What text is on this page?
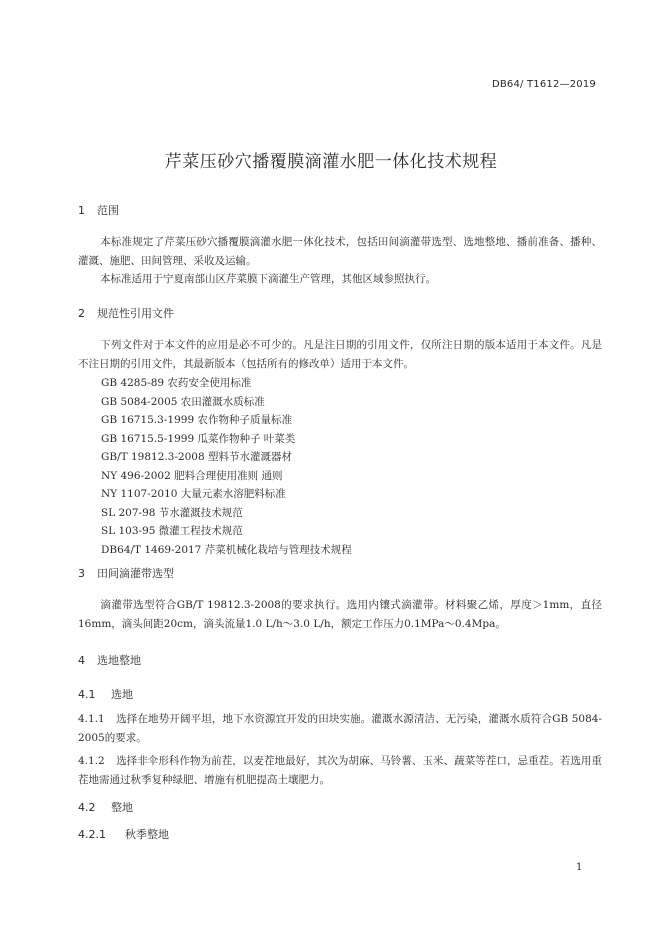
DB64/ T1612—2019
芹菜压砂穴播覆膜滴灌水肥一体化技术规程
1 范围
本标准规定了芹菜压砂穴播覆膜滴灌水肥一体化技术，包括田间滴灌带选型、选地整地、播前准备、播种、灌溉、施肥、田间管理、采收及运输。
本标准适用于宁夏南部山区芹菜膜下滴灌生产管理，其他区域参照执行。
2 规范性引用文件
下列文件对于本文件的应用是必不可少的。凡是注日期的引用文件，仅所注日期的版本适用于本文件。凡是不注日期的引用文件，其最新版本（包括所有的修改单）适用于本文件。
GB 4285-89 农药安全使用标准
GB 5084-2005 农田灌溉水质标准
GB 16715.3-1999 农作物种子质量标准
GB 16715.5-1999 瓜菜作物种子 叶菜类
GB/T 19812.3-2008 塑料节水灌溉器材
NY 496-2002 肥料合理使用准则 通则
NY 1107-2010 大量元素水溶肥料标准
SL 207-98 节水灌溉技术规范
SL 103-95 微灌工程技术规范
DB64/T 1469-2017 芹菜机械化栽培与管理技术规程
3 田间滴灌带选型
滴灌带选型符合GB/T 19812.3-2008的要求执行。选用内镶式滴灌带。材料聚乙烯，厚度＞1mm，直径16mm，滴头间距20cm，滴头流量1.0 L/h～3.0 L/h，额定工作压力0.1MPa～0.4Mpa。
4 选地整地
4.1 选地
4.1.1 选择在地势开阔平坦，地下水资源宜开发的田块实施。灌溉水源清洁、无污染，灌溉水质符合GB 5084-2005的要求。
4.1.2 选择非伞形科作物为前茬，以麦茬地最好，其次为胡麻、马铃薯、玉米、蔬菜等茬口，忌重茬。若选用重茬地需通过秋季复种绿肥、增施有机肥提高土壤肥力。
4.2 整地
4.2.1 秋季整地
1
